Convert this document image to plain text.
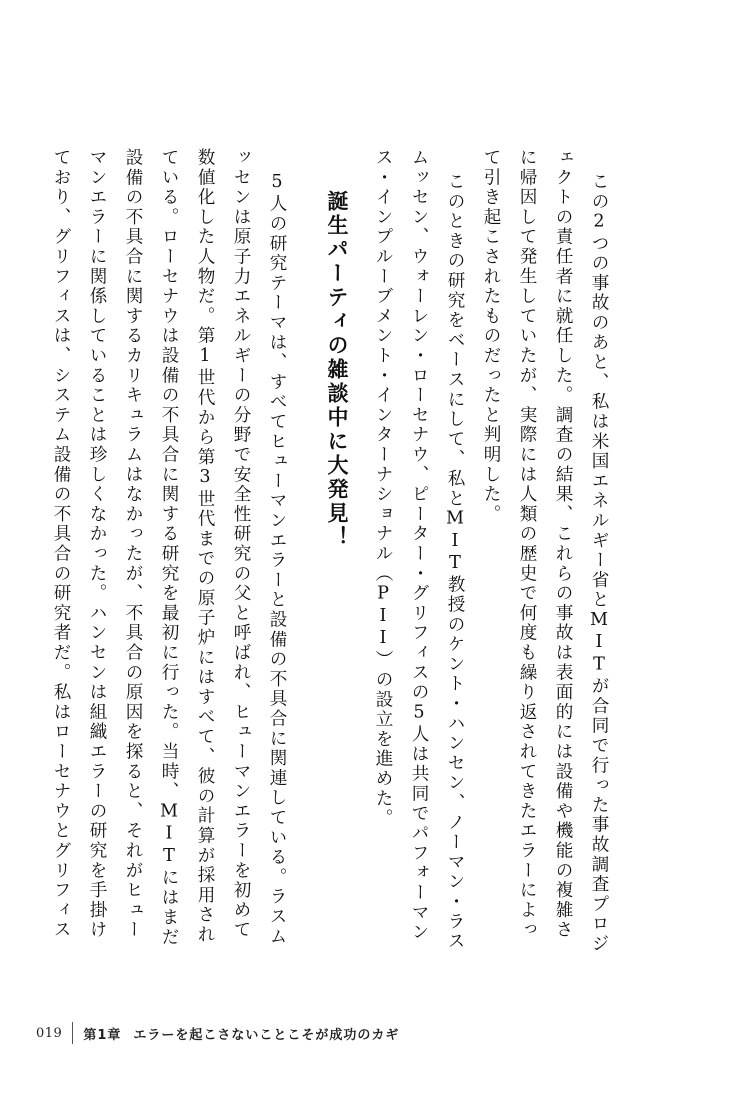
この2つの事故のあと、私は米国エネルギー省とMITが合同で行った事故調査プロジ
ェクトの責任者に就任した。調査の結果、これらの事故は表面的には設備や機能の複雑さ
に帰因して発生していたが、実際には人類の歴史で何度も繰り返されてきたエラーによっ
て引き起こされたものだったと判明した。
このときの研究をベースにして、私とMIT教授のケント・ハンセン、ノーマン・ラス
ムッセン、ウォーレン・ローセナウ、ピーター・グリフィスの5人は共同でパフォーマン
ス・インプルーブメント・インターナショナル（PII）の設立を進めた。
誕生パーティの雑談中に大発見！
5人の研究テーマは、すべてヒューマンエラーと設備の不具合に関連している。ラスム
ッセンは原子力エネルギーの分野で安全性研究の父と呼ばれ、ヒューマンエラーを初めて
数値化した人物だ。第1世代から第3世代までの原子炉にはすべて、彼の計算が採用され
ている。ローセナウは設備の不具合に関する研究を最初に行った。当時、MITにはまだ
設備の不具合に関するカリキュラムはなかったが、不具合の原因を探ると、それがヒュー
マンエラーに関係していることは珍しくなかった。ハンセンは組織エラーの研究を手掛け
ており、グリフィスは、システム設備の不具合の研究者だ。私はローセナウとグリフィス
019 第1章 エラーを起こさないことこそが成功のカギ
